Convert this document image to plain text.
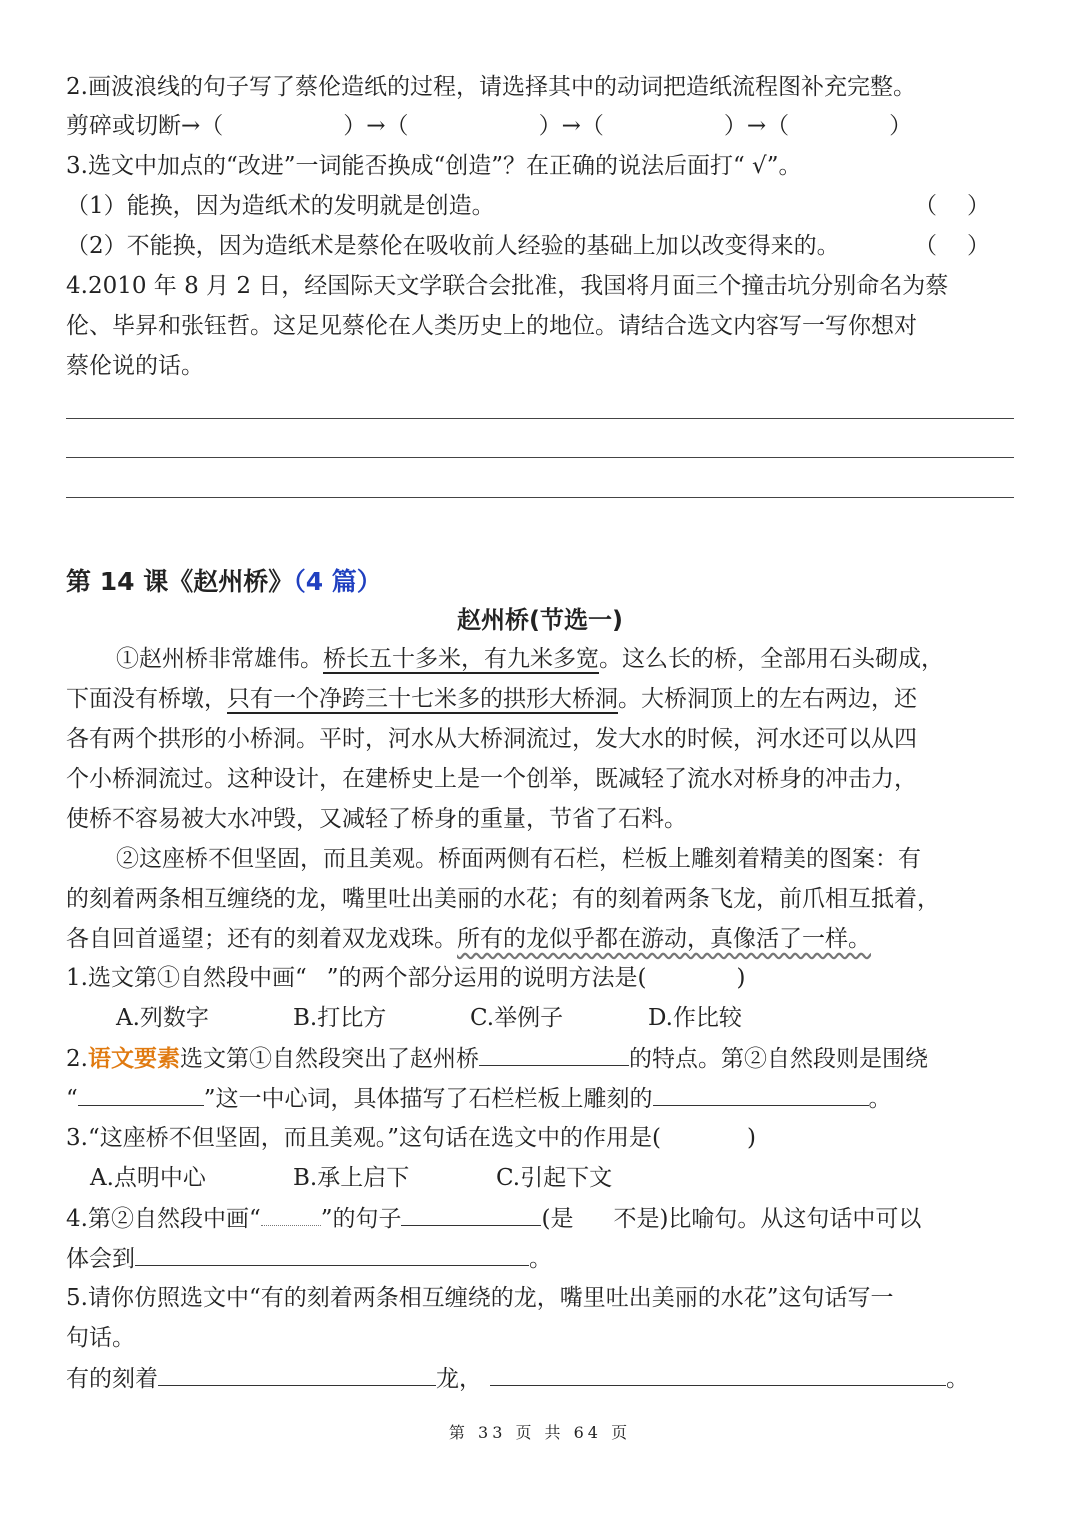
2.画波浪线的句子写了蔡伦造纸的过程，请选择其中的动词把造纸流程图补充完整。
剪碎或切断→（	）→（	）→（	）→（	）
3.选文中加点的“改进”一词能否换成“创造”？在正确的说法后面打“ √”。
（1）能换，因为造纸术的发明就是创造。	（ ）
（2）不能换，因为造纸术是蔡伦在吸收前人经验的基础上加以改变得来的。	（ ）
4.2010 年 8 月 2 日，经国际天文学联合会批准，我国将月面三个撞击坑分别命名为蔡
伦、毕昇和张钰哲。这足见蔡伦在人类历史上的地位。请结合选文内容写一写你想对
蔡伦说的话。
第 14 课《赵州桥》（4 篇）
赵州桥(节选一)
①赵州桥非常雄伟。桥长五十多米，有九米多宽。这么长的桥，全部用石头砌成，
下面没有桥墩，只有一个净跨三十七米多的拱形大桥洞。大桥洞顶上的左右两边，还
各有两个拱形的小桥洞。平时，河水从大桥洞流过，发大水的时候，河水还可以从四
个小桥洞流过。这种设计，在建桥史上是一个创举，既减轻了流水对桥身的冲击力，
使桥不容易被大水冲毁，又减轻了桥身的重量，节省了石料。
②这座桥不但坚固，而且美观。桥面两侧有石栏，栏板上雕刻着精美的图案：有
的刻着两条相互缠绕的龙，嘴里吐出美丽的水花；有的刻着两条飞龙，前爪相互抵着，
各自回首遥望；还有的刻着双龙戏珠。所有的龙似乎都在游动，真像活了一样。
1.选文第①自然段中画“ ”的两个部分运用的说明方法是(	)
A.列数字	B.打比方	C.举例子	D.作比较
2.语文要素选文第①自然段突出了赵州桥	的特点。第②自然段则是围绕
“	”这一中心词，具体描写了石栏栏板上雕刻的	。
3.“这座桥不但坚固，而且美观。”这句话在选文中的作用是(	)
A.点明中心	B.承上启下	C.引起下文
4.第②自然段中画“	”的句子	(是 不是)比喻句。从这句话中可以
体会到	。
5.请你仿照选文中“有的刻着两条相互缠绕的龙，嘴里吐出美丽的水花”这句话写一
句话。
有的刻着	龙，	。
第 33 页 共 64 页
